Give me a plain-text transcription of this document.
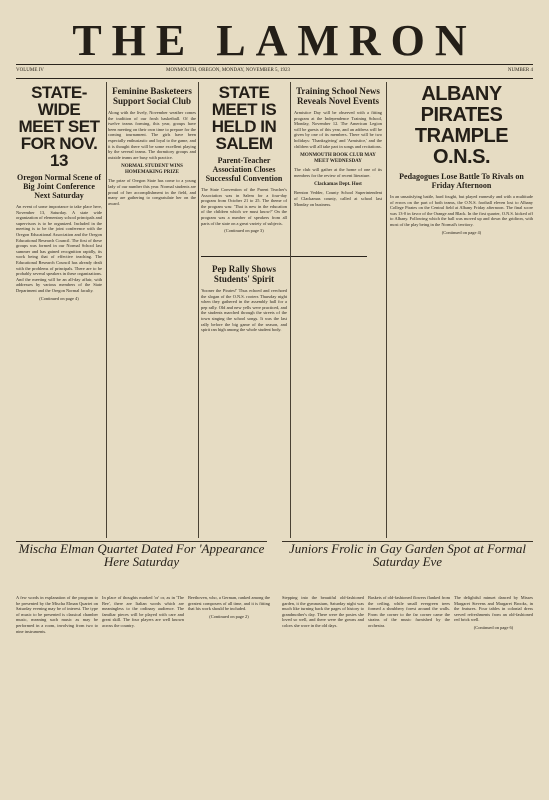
THE LAMRON
VOLUME IV	MONMOUTH, OREGON, MONDAY, NOVEMBER 5, 1923	NUMBER 4
STATE-WIDE MEET SET FOR NOV. 13
Oregon Normal Scene of Big Joint Conference Next Saturday

An event of some importance to take place here, November 13, Saturday. A state wide organization of elementary school principals and supervisors is to be organized. Included in the meeting is to be the joint conference with the Oregon Educational Association and the Oregon Educational Research Council. The first of these groups was formed in our Normal School last summer and has gained recognition rapidly, its work being that of effective teaching. The Educational Research Council has already dealt with the problems of principals. There are to be probably several speakers in these organizations. And the meeting will be an all-day affair, with addresses by various members of the State Department and the Oregon Normal faculty.

(Continued on page 4)

Feminine Basketeers Support Social Club

Along with the lively, November weather comes the tradition of our frosh basketball. Of the twelve teams forming, this year, groups have been meeting on their own time to prepare for the coming tournament. The girls have been especially enthusiastic and loyal to the game, and it is thought there will be some excellent playing by the several teams. The dormitory groups and outside teams are busy with practice.

NORMAL STUDENT WINS HOMEMAKING PRIZE

The prize of Oregon State has come to a young lady of our number this year. Normal students are proud of her accomplishment in the field, and many are gathering to congratulate her on the award.

STATE MEET IS HELD IN SALEM
Parent-Teacher Association Closes Successful Convention

The State Convention of the Parent Teacher's Association was in Salem for a four-day program from October 21 to 25. The theme of the program was: 'That is new in the education of the children which we must know?' On the program was a number of speakers from all parts of the state on a great variety of subjects.

(Continued on page 3)

Pep Rally Shows Students' Spirit

'Sooner the Pirates!' Thus echoed and reechoed the slogan of the O.N.S. rooters Thursday night when they gathered in the assembly hall for a pep rally. Old and new yells were practiced, and the students marched through the streets of the town singing the school songs. It was the last rally before the big game of the season, and spirit ran high among the whole student body.

Training School News Reveals Novel Events

Armistice Day will be observed with a fitting program at the Independence Training School, Monday, November 12. The American Legion will be guests of this year, and an address will be given by one of its members. There will be two holidays: 'Thanksgiving' and 'Armistice,' and the children will all take part in songs and recitations.

MONMOUTH BOOK CLUB MAY MEET WEDNESDAY

The club will gather at the home of one of its members for the review of recent literature.

Clackamas Dept. Host

Brenton Vedder, County School Superintendent of Clackamas county, called at school last Monday on business.

ALBANY PIRATES TRAMPLE O.N.S.
Pedagogues Lose Battle To Rivals on Friday Afternoon

In an unsatisfying battle, hard fought, but played earnestly and with a multitude of errors on the part of both teams, the O.N.S. football eleven lost to Albany College Pirates on the Central field at Albany Friday afternoon. The final score was 13-0 in favor of the Orange and Black. In the first quarter, O.N.S. kicked off to Albany. Following which the ball was moved up and down the gridiron, with most of the play being in the Normal's territory.

(Continued on page 4)

Mischa Elman Quartet Dated For 'Appearance Here Saturday
Juniors Frolic in Gay Garden Spot at Formal Saturday Eve

A few words in explanation of the program to be presented by the Mischa Elman Quartet on Saturday evening may be of interest. The type of music to be presented is classical chamber music, meaning such music as may be performed in a room, involving from two to nine instruments.

In place of thoughts marked 'or' or, as in 'The Bee', there are Italian words which are meaningless to the ordinary audience. The familiar pieces will be played with care and great skill. The four players are well known across the country.

Beethoven, who, a German, ranked among the greatest composers of all time, and it is fitting that his work should be included.

(Continued on page 2)

Stepping into the beautiful old-fashioned garden, it the gymnasium, Saturday night was much like turning back the pages of history to grandmother's day. There were the posies she loved so well, and there were the gowns and colors she wore in the old days.

Baskets of old-fashioned flowers flanked from the ceiling, while small evergreen trees formed a shrubbery forest around the walls. From the corner to the far corner came the strains of the music furnished by the orchestra.

The delightful minuet danced by Misses Margaret Stevens and Margaret Brooks, in the features. Four tables in colonial dress served refreshments from an old-fashioned red brick well.

(Continued on page 6)
